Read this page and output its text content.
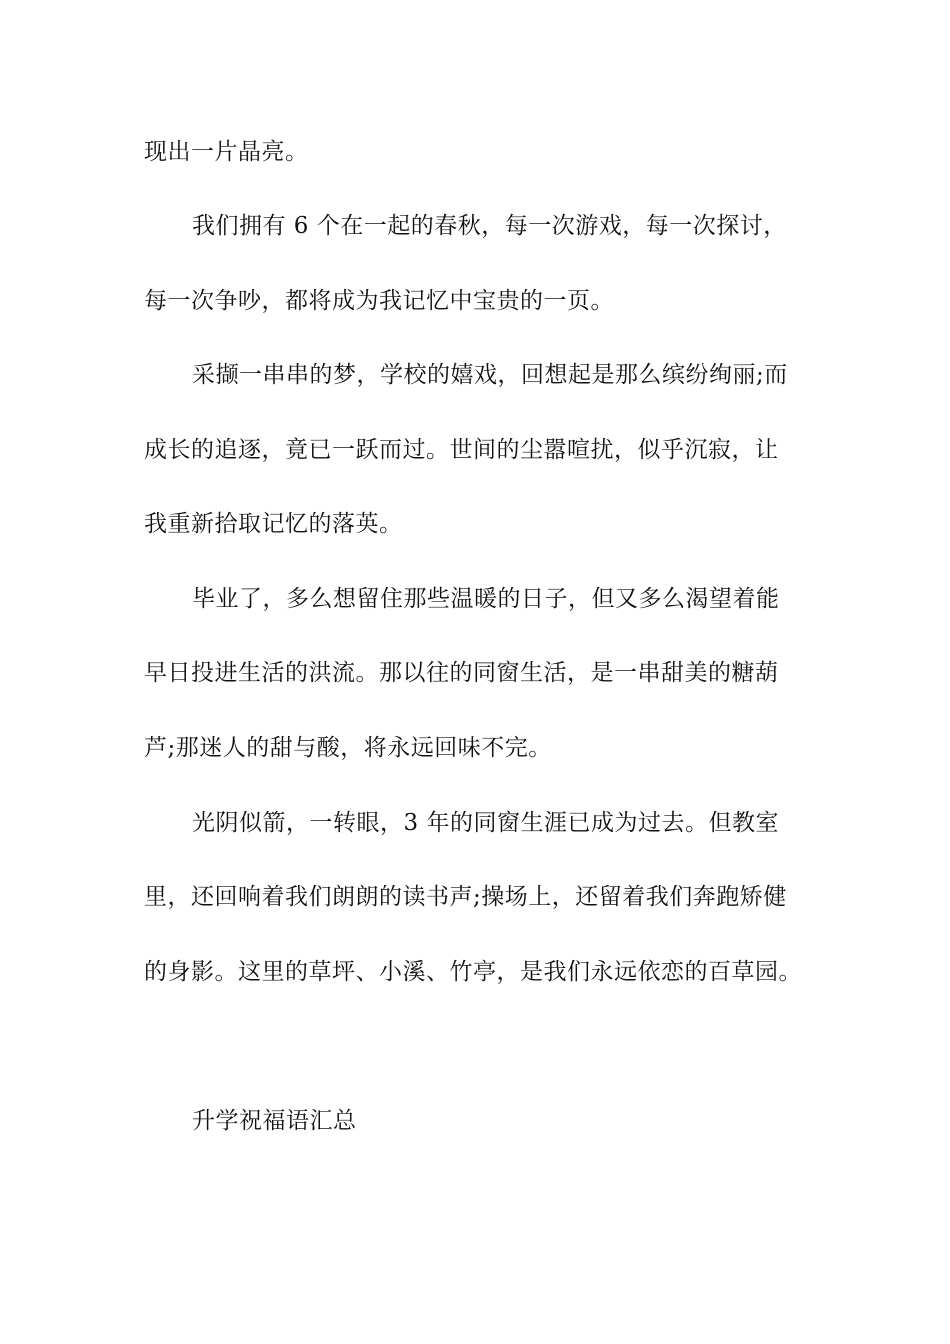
现出一片晶亮。

我们拥有 6 个在一起的春秋，每一次游戏，每一次探讨，

每一次争吵，都将成为我记忆中宝贵的一页。

采撷一串串的梦，学校的嬉戏，回想起是那么缤纷绚丽;而

成长的追逐，竟已一跃而过。世间的尘嚣喧扰，似乎沉寂，让

我重新拾取记忆的落英。

毕业了，多么想留住那些温暖的日子，但又多么渴望着能

早日投进生活的洪流。那以往的同窗生活，是一串甜美的糖葫

芦;那迷人的甜与酸，将永远回味不完。

光阴似箭，一转眼，3 年的同窗生涯已成为过去。但教室

里，还回响着我们朗朗的读书声;操场上，还留着我们奔跑矫健

的身影。这里的草坪、小溪、竹亭，是我们永远依恋的百草园。

升学祝福语汇总
